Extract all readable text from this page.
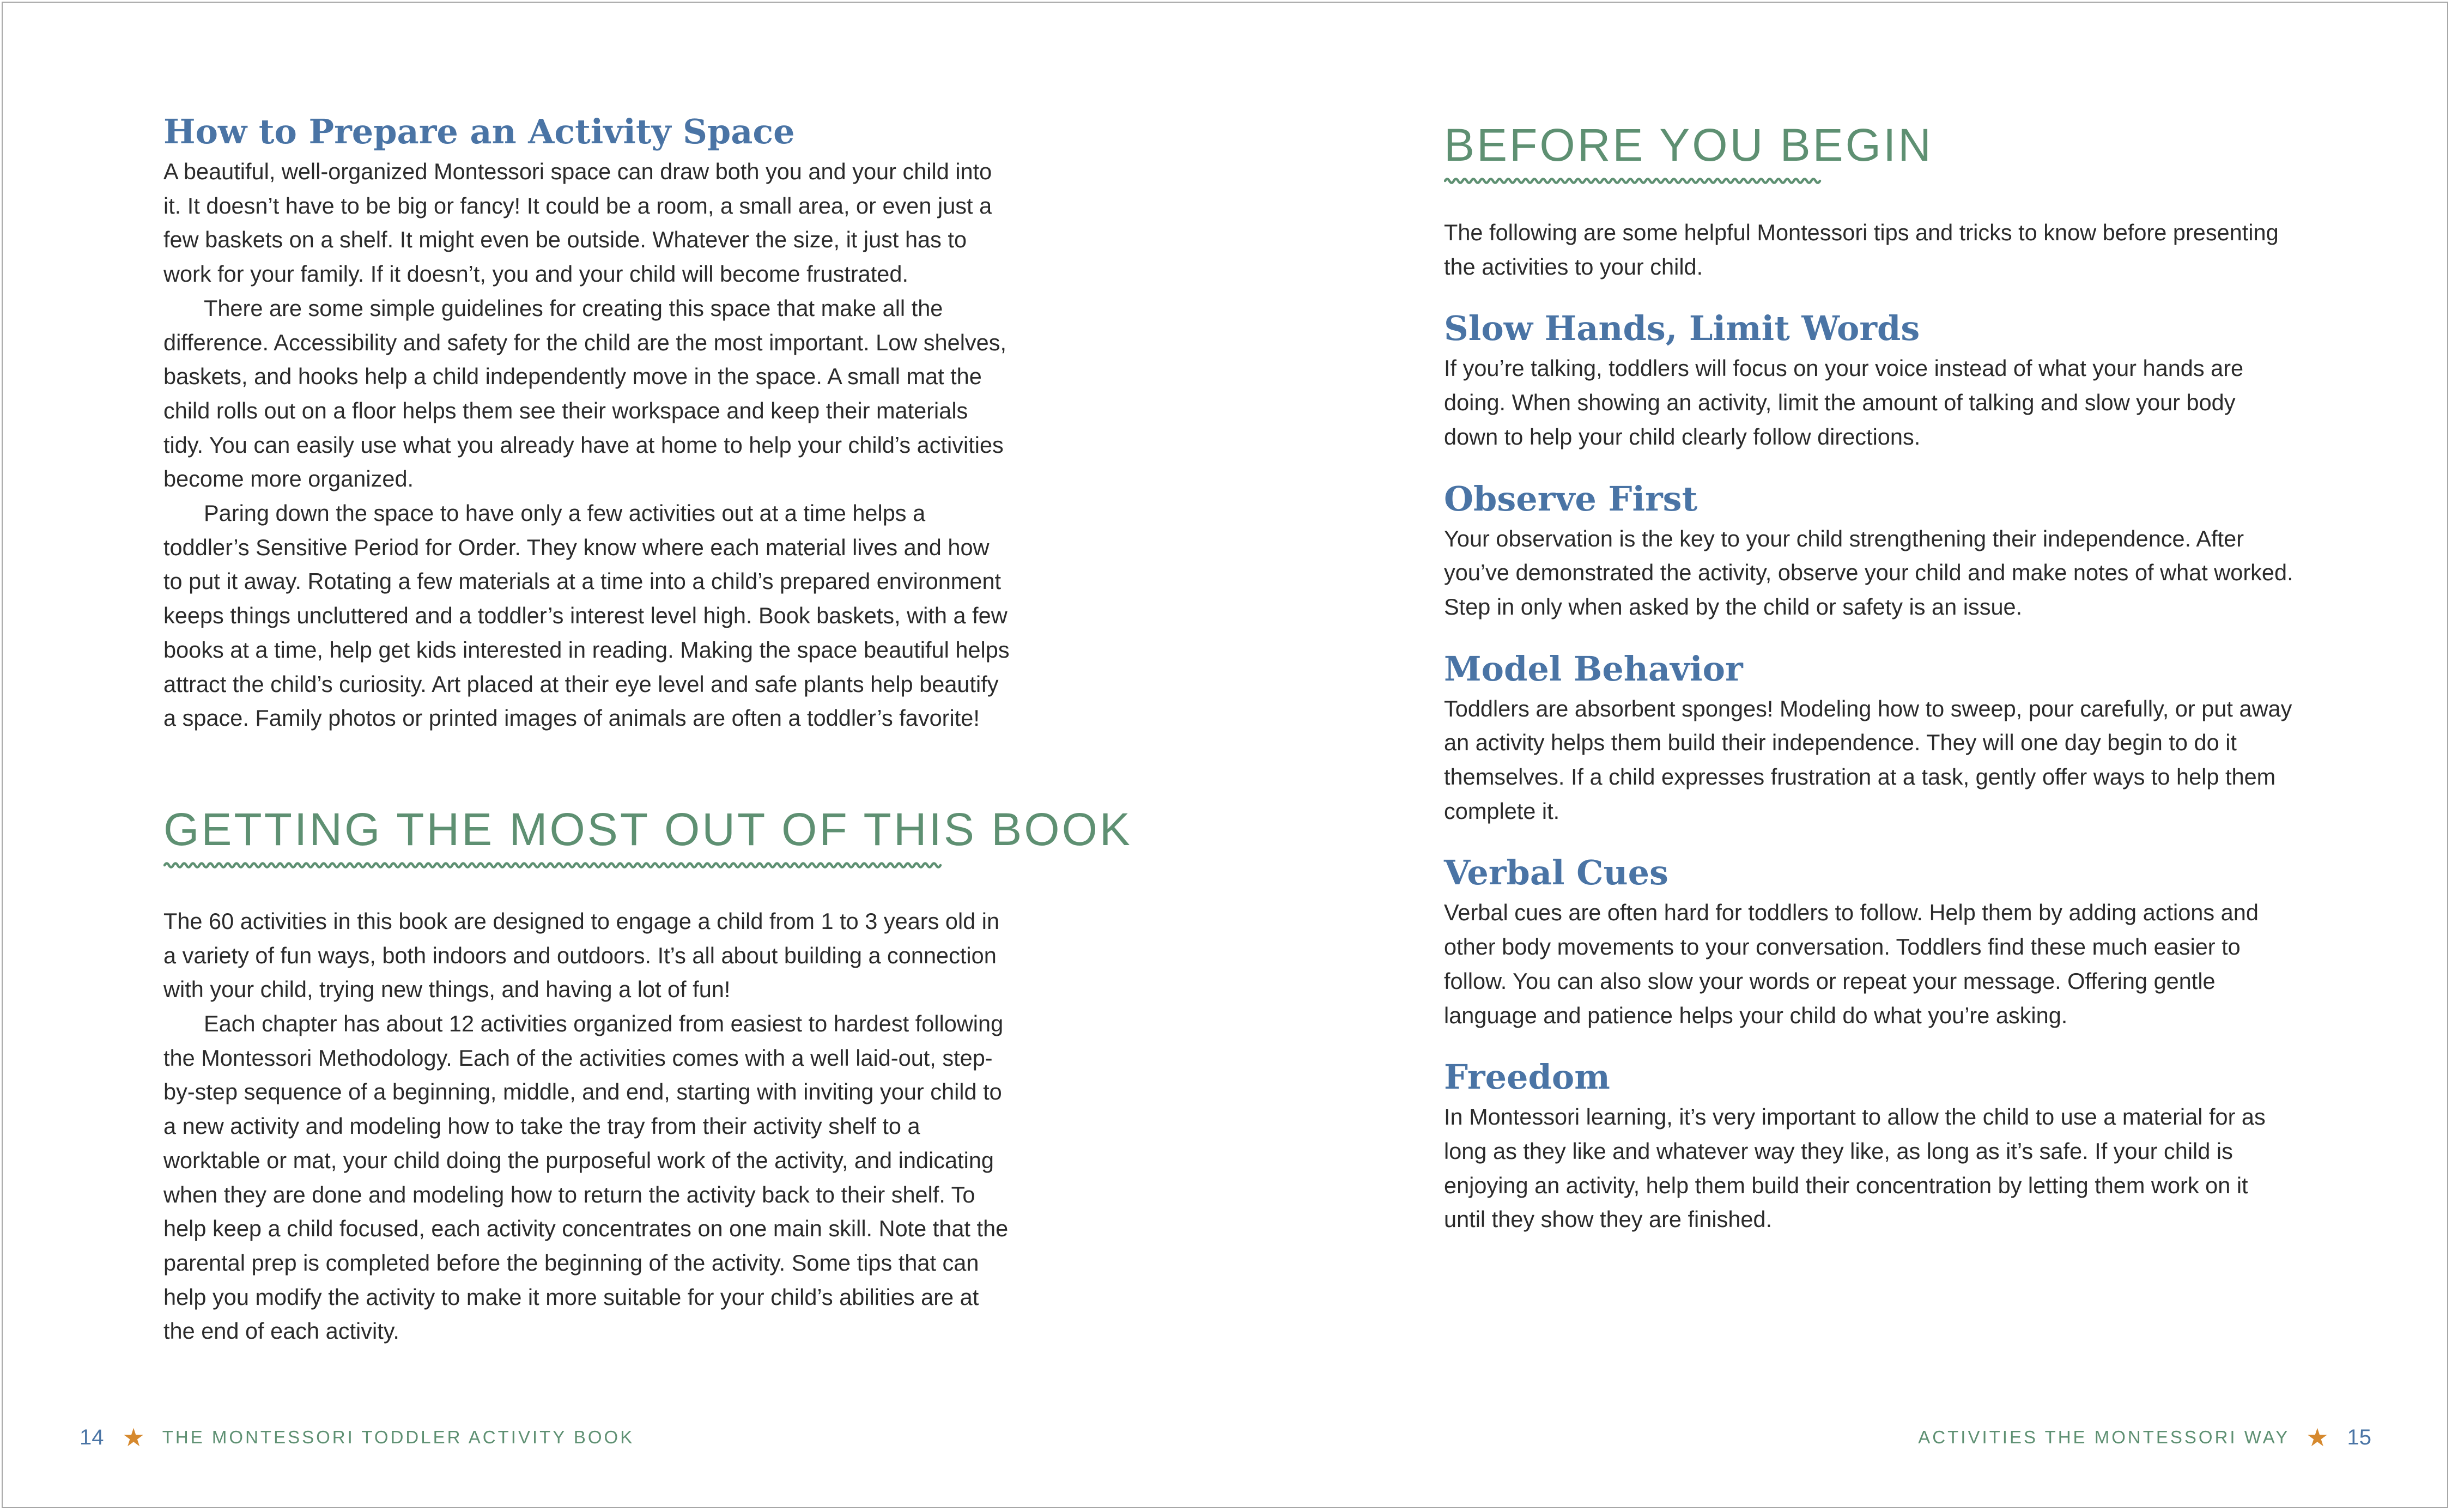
How to Prepare an Activity Space

A beautiful, well-organized Montessori space can draw both you and your child into it. It doesn’t have to be big or fancy! It could be a room, a small area, or even just a few baskets on a shelf. It might even be outside. Whatever the size, it just has to work for your family. If it doesn’t, you and your child will become frustrated.

There are some simple guidelines for creating this space that make all the difference. Accessibility and safety for the child are the most important. Low shelves, baskets, and hooks help a child independently move in the space. A small mat the child rolls out on a floor helps them see their workspace and keep their materials tidy. You can easily use what you already have at home to help your child’s activities become more organized.

Paring down the space to have only a few activities out at a time helps a toddler’s Sensitive Period for Order. They know where each material lives and how to put it away. Rotating a few materials at a time into a child’s prepared environment keeps things uncluttered and a toddler’s interest level high. Book baskets, with a few books at a time, help get kids interested in reading. Making the space beautiful helps attract the child’s curiosity. Art placed at their eye level and safe plants help beautify a space. Family photos or printed images of animals are often a toddler’s favorite!

GETTING THE MOST OUT OF THIS BOOK

The 60 activities in this book are designed to engage a child from 1 to 3 years old in a variety of fun ways, both indoors and outdoors. It’s all about building a connection with your child, trying new things, and having a lot of fun!

Each chapter has about 12 activities organized from easiest to hardest following the Montessori Methodology. Each of the activities comes with a well laid-out, step-by-step sequence of a beginning, middle, and end, starting with inviting your child to a new activity and modeling how to take the tray from their activity shelf to a worktable or mat, your child doing the purposeful work of the activity, and indicating when they are done and modeling how to return the activity back to their shelf. To help keep a child focused, each activity concentrates on one main skill. Note that the parental prep is completed before the beginning of the activity. Some tips that can help you modify the activity to make it more suitable for your child’s abilities are at the end of each activity.

BEFORE YOU BEGIN

The following are some helpful Montessori tips and tricks to know before presenting the activities to your child.

Slow Hands, Limit Words

If you’re talking, toddlers will focus on your voice instead of what your hands are doing. When showing an activity, limit the amount of talking and slow your body down to help your child clearly follow directions.

Observe First

Your observation is the key to your child strengthening their independence. After you’ve demonstrated the activity, observe your child and make notes of what worked. Step in only when asked by the child or safety is an issue.

Model Behavior

Toddlers are absorbent sponges! Modeling how to sweep, pour carefully, or put away an activity helps them build their independence. They will one day begin to do it themselves. If a child expresses frustration at a task, gently offer ways to help them complete it.

Verbal Cues

Verbal cues are often hard for toddlers to follow. Help them by adding actions and other body movements to your conversation. Toddlers find these much easier to follow. You can also slow your words or repeat your message. Offering gentle language and patience helps your child do what you’re asking.

Freedom

In Montessori learning, it’s very important to allow the child to use a material for as long as they like and whatever way they like, as long as it’s safe. If your child is enjoying an activity, help them build their concentration by letting them work on it until they show they are finished.

14 ★ THE MONTESSORI TODDLER ACTIVITY BOOK	ACTIVITIES THE MONTESSORI WAY ★ 15
